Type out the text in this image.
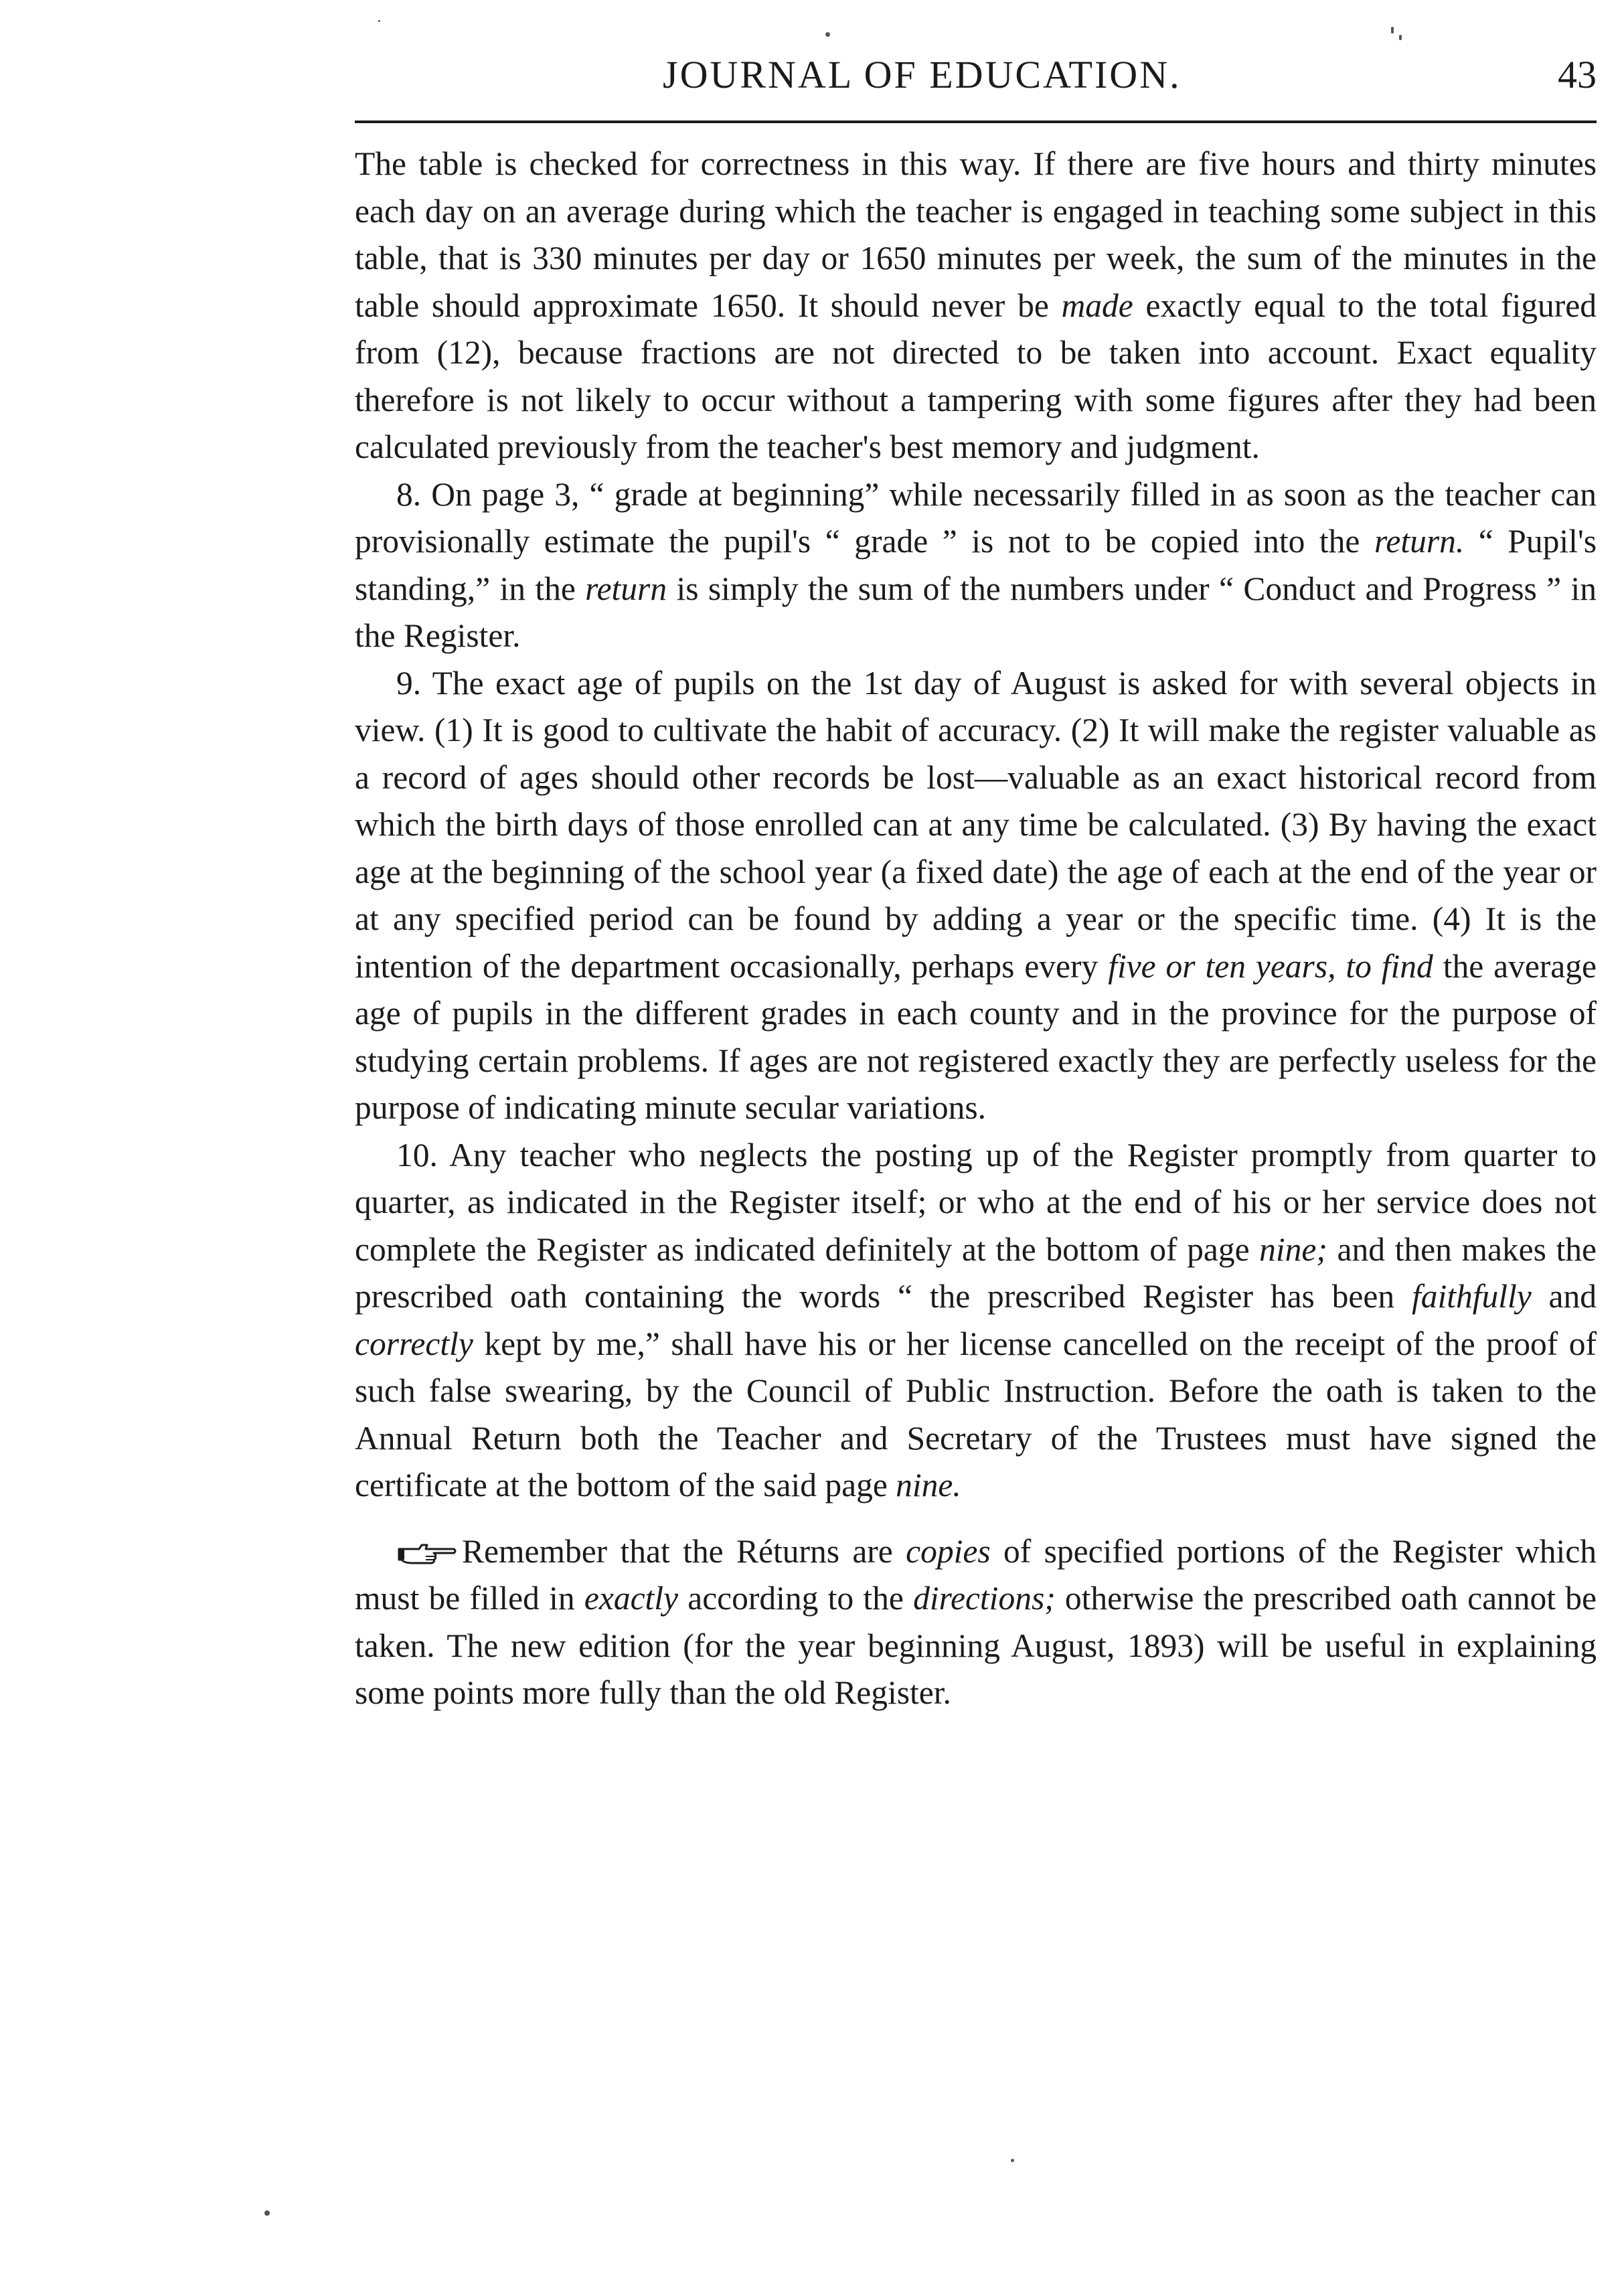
JOURNAL OF EDUCATION.	43

The table is checked for correctness in this way. If there are five hours and thirty minutes each day on an average during which the teacher is engaged in teaching some subject in this table, that is 330 minutes per day or 1650 minutes per week, the sum of the minutes in the table should approximate 1650. It should never be made exactly equal to the total figured from (12), because fractions are not directed to be taken into account. Exact equality therefore is not likely to occur without a tampering with some figures after they had been calculated previously from the teacher's best memory and judgment.

8. On page 3, “ grade at beginning” while necessarily filled in as soon as the teacher can provisionally estimate the pupil's “ grade ” is not to be copied into the return. “ Pupil's standing,” in the return is simply the sum of the numbers under “ Conduct and Progress ” in the Register.

9. The exact age of pupils on the 1st day of August is asked for with several objects in view. (1) It is good to cultivate the habit of accuracy. (2) It will make the register valuable as a record of ages should other records be lost—valuable as an exact historical record from which the birth days of those enrolled can at any time be calculated. (3) By having the exact age at the beginning of the school year (a fixed date) the age of each at the end of the year or at any specified period can be found by adding a year or the specific time. (4) It is the intention of the department occasionally, perhaps every five or ten years, to find the average age of pupils in the different grades in each county and in the province for the purpose of studying certain problems. If ages are not registered exactly they are perfectly useless for the purpose of indicating minute secular variations.

10. Any teacher who neglects the posting up of the Register promptly from quarter to quarter, as indicated in the Register itself; or who at the end of his or her service does not complete the Register as indicated definitely at the bottom of page nine; and then makes the prescribed oath containing the words “ the prescribed Register has been faithfully and correctly kept by me,” shall have his or her license cancelled on the receipt of the proof of such false swearing, by the Council of Public Instruction. Before the oath is taken to the Annual Return both the Teacher and Secretary of the Trustees must have signed the certificate at the bottom of the said page nine.

Remember that the Réturns are copies of specified portions of the Register which must be filled in exactly according to the directions; otherwise the prescribed oath cannot be taken. The new edition (for the year beginning August, 1893) will be useful in explaining some points more fully than the old Register.
